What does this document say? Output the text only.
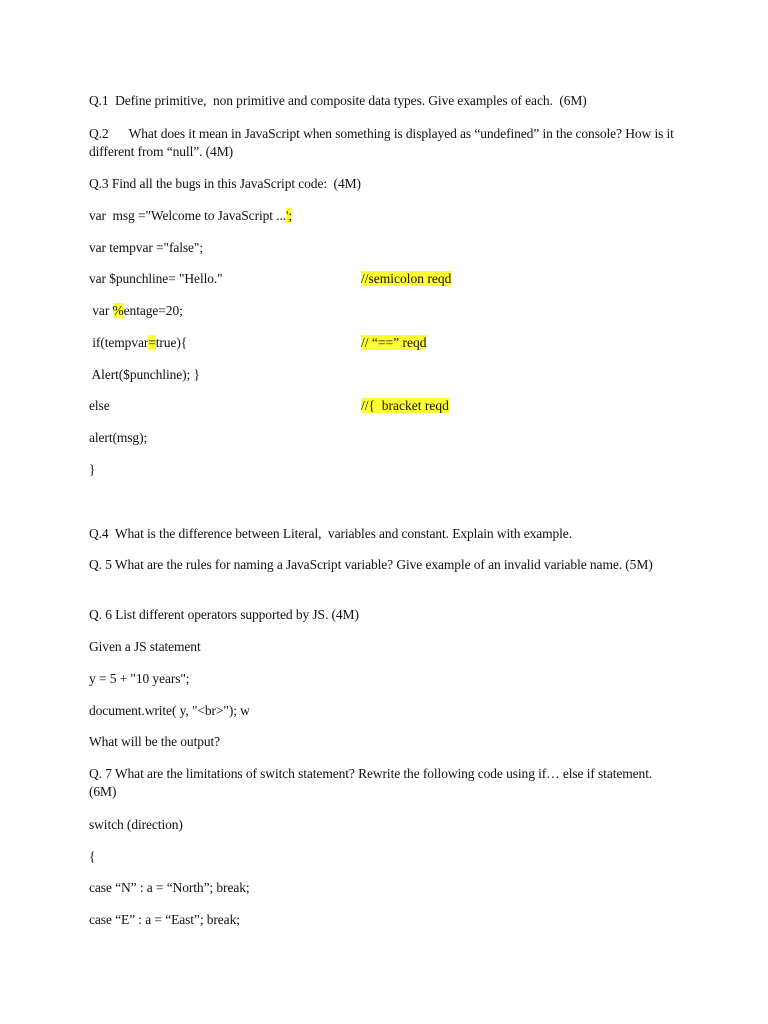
Q.1  Define primitive,  non primitive and composite data types. Give examples of each.  (6M)
Q.2 What does it mean in JavaScript when something is displayed as “undefined” in the console? How is it different from “null”. (4M)
Q.3 Find all the bugs in this JavaScript code:  (4M)
var  msg ="Welcome to JavaScript ...';
var tempvar ="false";
var $punchline= "Hello."	//semicolon reqd
var %entage=20;
if(tempvar=true){	// “==” reqd
Alert($punchline); }
else	//{  bracket reqd
alert(msg);
}
Q.4  What is the difference between Literal,  variables and constant. Explain with example.
Q. 5 What are the rules for naming a JavaScript variable? Give example of an invalid variable name. (5M)
Q. 6 List different operators supported by JS. (4M)
Given a JS statement
y = 5 + "10 years";
document.write( y, "<br>"); w
What will be the output?
Q. 7 What are the limitations of switch statement? Rewrite the following code using if… else if statement. (6M)
switch (direction)
{
case “N” : a = “North”; break;
case “E” : a = “East”; break;
